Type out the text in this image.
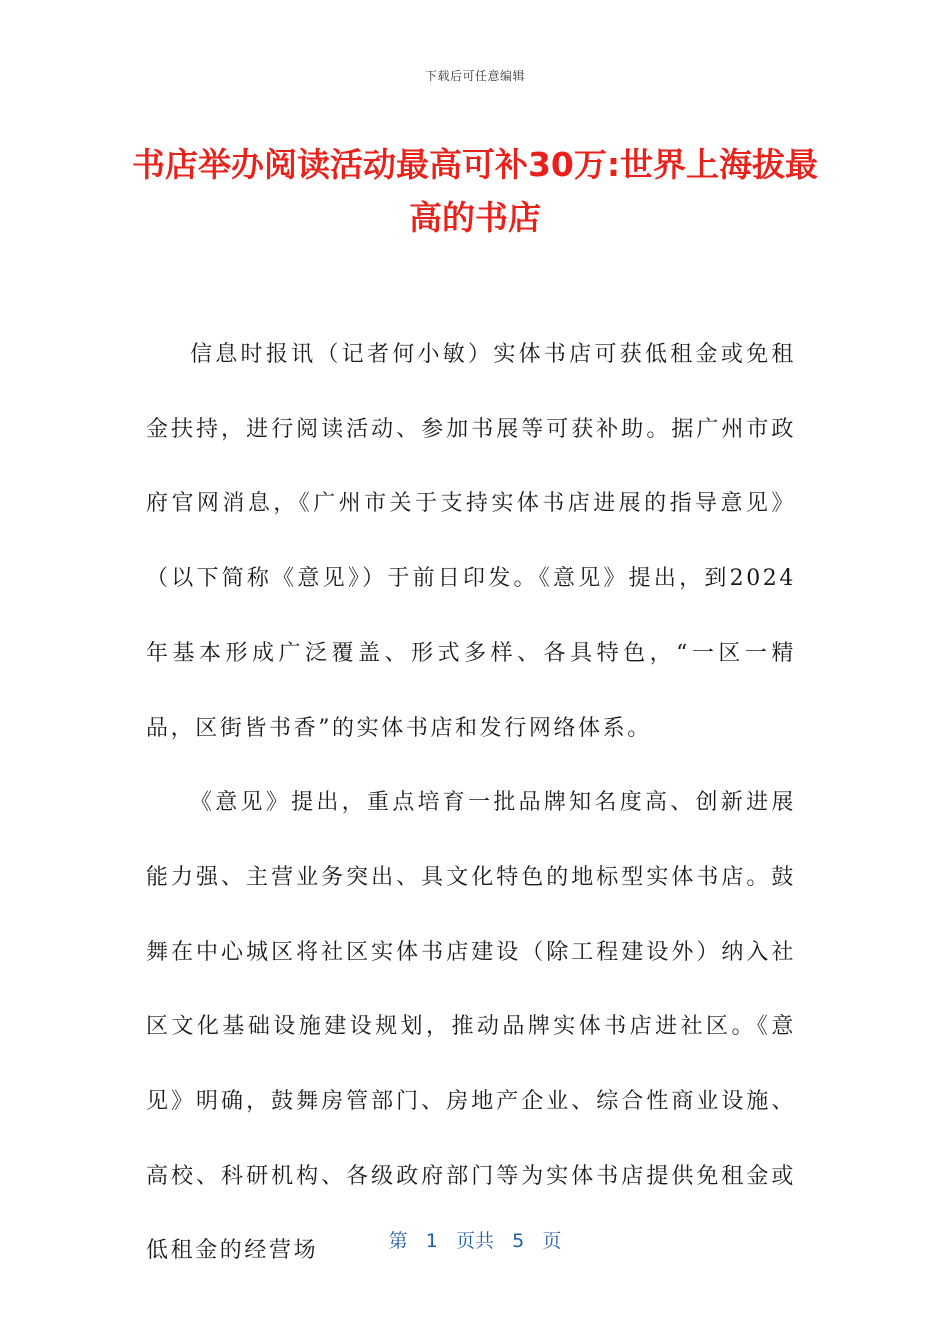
下载后可任意编辑
书店举办阅读活动最高可补30万:世界上海拔最高的书店

信息时报讯（记者何小敏）实体书店可获低租金或免租金扶持，进行阅读活动、参加书展等可获补助。据广州市政府官网消息，《广州市关于支持实体书店进展的指导意见》（以下简称《意见》）于前日印发。《意见》提出，到2024年基本形成广泛覆盖、形式多样、各具特色，“一区一精品，区街皆书香”的实体书店和发行网络体系。

《意见》提出，重点培育一批品牌知名度高、创新进展能力强、主营业务突出、具文化特色的地标型实体书店。鼓舞在中心城区将社区实体书店建设（除工程建设外）纳入社区文化基础设施建设规划，推动品牌实体书店进社区。《意见》明确，鼓舞房管部门、房地产企业、综合性商业设施、高校、科研机构、各级政府部门等为实体书店提供免租金或低租金的经营场	第 1 页共 5 页
